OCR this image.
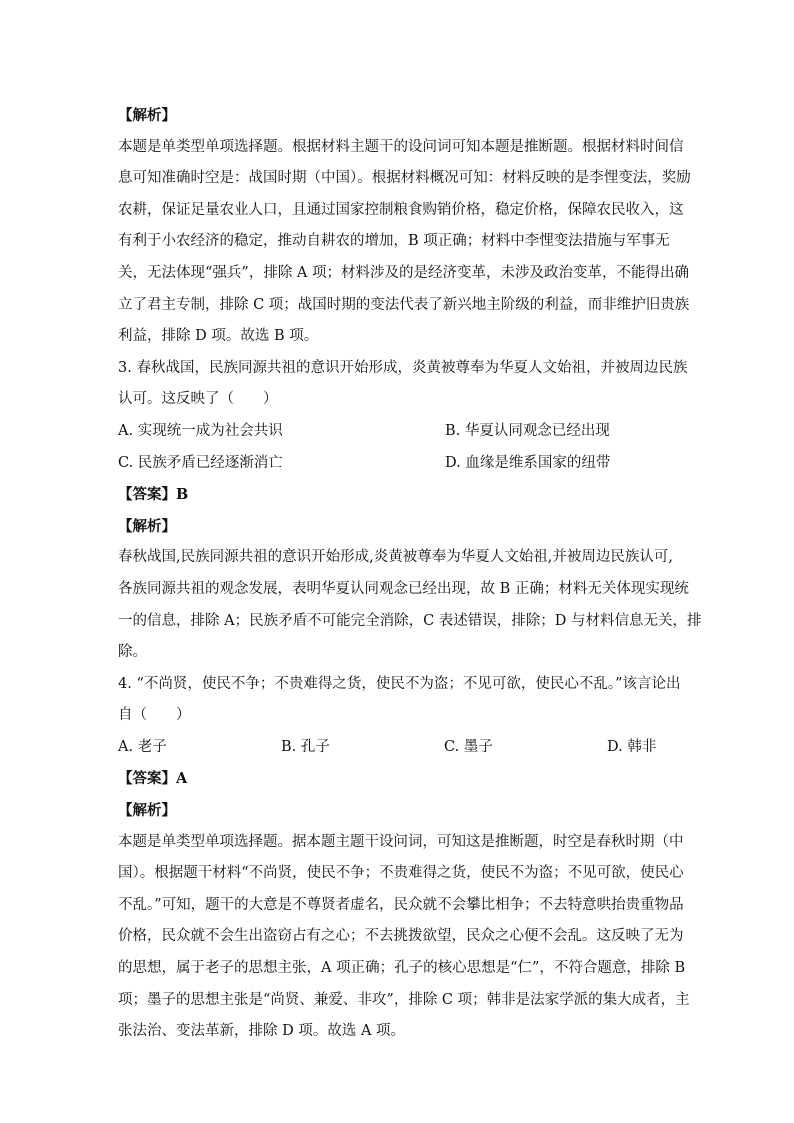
【解析】
本题是单类型单项选择题。根据材料主题干的设问词可知本题是推断题。根据材料时间信
息可知准确时空是：战国时期（中国）。根据材料概况可知：材料反映的是李悝变法，奖励
农耕，保证足量农业人口，且通过国家控制粮食购销价格，稳定价格，保障农民收入，这
有利于小农经济的稳定，推动自耕农的增加，B 项正确；材料中李悝变法措施与军事无
关，无法体现“强兵”，排除 A 项；材料涉及的是经济变革，未涉及政治变革，不能得出确
立了君主专制，排除 C 项；战国时期的变法代表了新兴地主阶级的利益，而非维护旧贵族
利益，排除 D 项。故选 B 项。
3. 春秋战国，民族同源共祖的意识开始形成，炎黄被尊奉为华夏人文始祖，并被周边民族
认可。这反映了（　　）
A. 实现统一成为社会共识	B. 华夏认同观念已经出现
C. 民族矛盾已经逐渐消亡	D. 血缘是维系国家的纽带
【答案】B
【解析】
春秋战国,民族同源共祖的意识开始形成,炎黄被尊奉为华夏人文始祖,并被周边民族认可,
各族同源共祖的观念发展，表明华夏认同观念已经出现，故 B 正确；材料无关体现实现统
一的信息，排除 A；民族矛盾不可能完全消除，C 表述错误，排除；D 与材料信息无关，排
除。
4. “不尚贤，使民不争；不贵难得之货，使民不为盗；不见可欲，使民心不乱。”该言论出
自（　　）
A. 老子	B. 孔子	C. 墨子	D. 韩非
【答案】A
【解析】
本题是单类型单项选择题。据本题主题干设问词，可知这是推断题，时空是春秋时期（中
国）。根据题干材料“不尚贤，使民不争；不贵难得之货，使民不为盗；不见可欲，使民心
不乱。”可知，题干的大意是不尊贤者虚名，民众就不会攀比相争；不去特意哄抬贵重物品
价格，民众就不会生出盗窃占有之心；不去挑拨欲望，民众之心便不会乱。这反映了无为
的思想，属于老子的思想主张，A 项正确；孔子的核心思想是“仁”，不符合题意，排除 B
项；墨子的思想主张是“尚贤、兼爱、非攻”，排除 C 项；韩非是法家学派的集大成者，主
张法治、变法革新，排除 D 项。故选 A 项。
